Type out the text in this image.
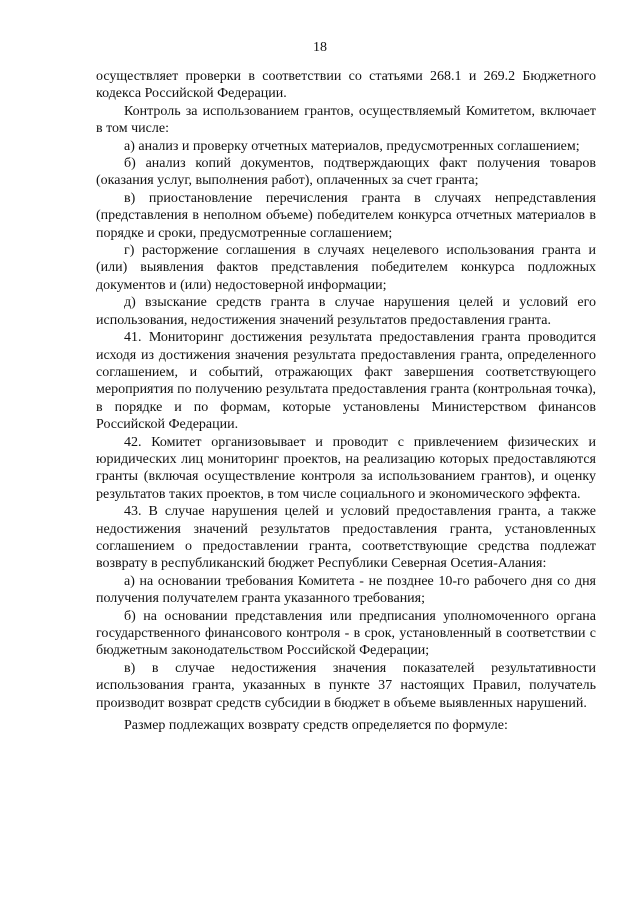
18

осуществляет проверки в соответствии со статьями 268.1 и 269.2 Бюджетного кодекса Российской Федерации.

Контроль за использованием грантов, осуществляемый Комитетом, включает в том числе:

а) анализ и проверку отчетных материалов, предусмотренных соглашением;

б) анализ копий документов, подтверждающих факт получения товаров (оказания услуг, выполнения работ), оплаченных за счет гранта;

в) приостановление перечисления гранта в случаях непредставления (представления в неполном объеме) победителем конкурса отчетных материалов в порядке и сроки, предусмотренные соглашением;

г) расторжение соглашения в случаях нецелевого использования гранта и (или) выявления фактов представления победителем конкурса подложных документов и (или) недостоверной информации;

д) взыскание средств гранта в случае нарушения целей и условий его использования, недостижения значений результатов предоставления гранта.

41. Мониторинг достижения результата предоставления гранта проводится исходя из достижения значения результата предоставления гранта, определенного соглашением, и событий, отражающих факт завершения соответствующего мероприятия по получению результата предоставления гранта (контрольная точка), в порядке и по формам, которые установлены Министерством финансов Российской Федерации.

42. Комитет организовывает и проводит с привлечением физических и юридических лиц мониторинг проектов, на реализацию которых предоставляются гранты (включая осуществление контроля за использованием грантов), и оценку результатов таких проектов, в том числе социального и экономического эффекта.

43. В случае нарушения целей и условий предоставления гранта, а также недостижения значений результатов предоставления гранта, установленных соглашением о предоставлении гранта, соответствующие средства подлежат возврату в республиканский бюджет Республики Северная Осетия-Алания:

а) на основании требования Комитета - не позднее 10-го рабочего дня со дня получения получателем гранта указанного требования;

б) на основании представления или предписания уполномоченного органа государственного финансового контроля - в срок, установленный в соответствии с бюджетным законодательством Российской Федерации;

в) в случае недостижения значения показателей результативности использования гранта, указанных в пункте 37 настоящих Правил, получатель производит возврат средств субсидии в бюджет в объеме выявленных нарушений.

Размер подлежащих возврату средств определяется по формуле:
